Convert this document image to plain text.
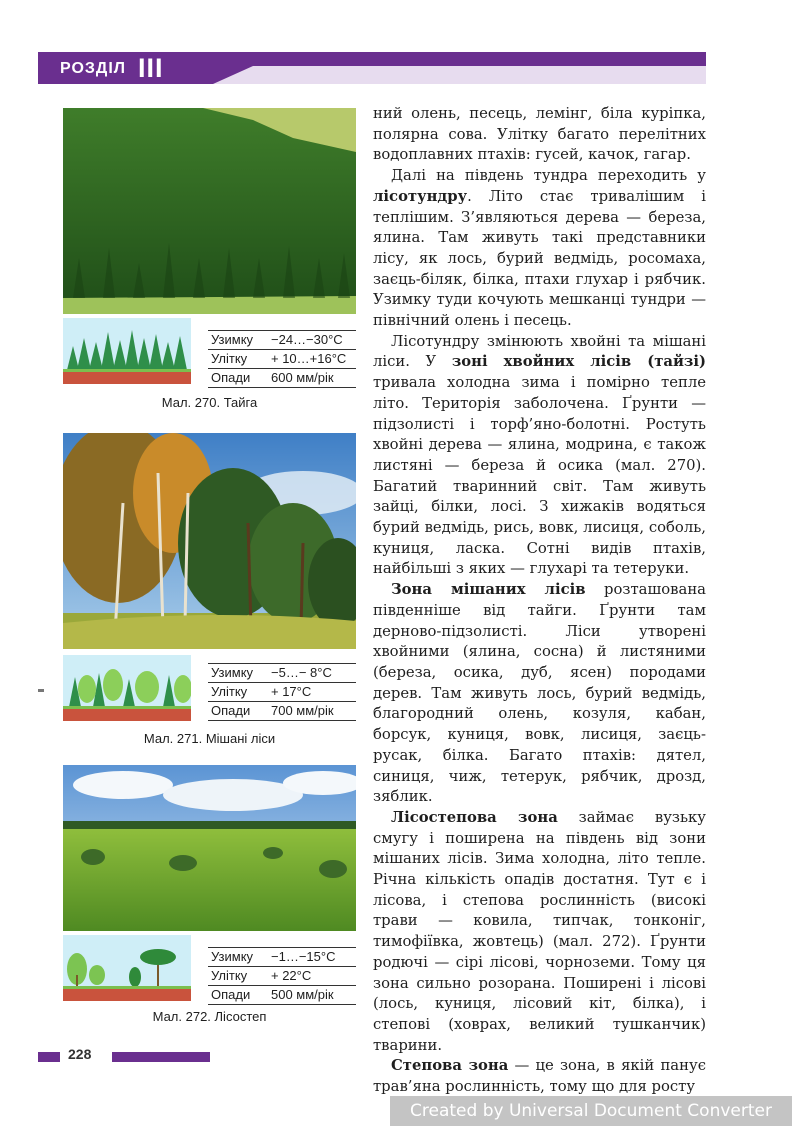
РОЗДІЛ III
Узимку	−24…−30°С
Улітку	+ 10…+16°С
Опади	600 мм/рік
Мал. 270. Тайга
Узимку	−5…− 8°С
Улітку	+ 17°С
Опади	700 мм/рік
Мал. 271. Мішані ліси
Узимку	−1…−15°С
Улітку	+ 22°С
Опади	500 мм/рік
Мал. 272. Лісостеп

ний олень, песець, лемінг, біла куріпка, полярна сова. Улітку багато перелітних водоплавних птахів: гусей, качок, гагар.

Далі на південь тундра переходить у лісотундру. Літо стає тривалішим і теплішим. З’являються дерева — береза, ялина. Там живуть такі представники лісу, як лось, бурий ведмідь, росомаха, заєць-біляк, білка, птахи глухар і рябчик. Узимку туди кочують мешканці тундри — північний олень і песець.

Лісотундру змінюють хвойні та мішані ліси. У зоні хвойних лісів (тайзі) тривала холодна зима і помірно тепле літо. Територія заболочена. Ґрунти — підзолисті і торф’яно-болотні. Ростуть хвойні дерева — ялина, модрина, є також листяні — береза й осика (мал. 270). Багатий тваринний світ. Там живуть зайці, білки, лосі. З хижаків водяться бурий ведмідь, рись, вовк, лисиця, соболь, куниця, ласка. Сотні видів птахів, найбільші з яких — глухарі та тетеруки.

Зона мішаних лісів розташована південніше від тайги. Ґрунти там дерново-підзолисті. Ліси утворені хвойними (ялина, сосна) й листяними (береза, осика, дуб, ясен) породами дерев. Там живуть лось, бурий ведмідь, благородний олень, козуля, кабан, борсук, куниця, вовк, лисиця, заєць-русак, білка. Багато птахів: дятел, синиця, чиж, тетерук, рябчик, дрозд, зяблик.

Лісостепова зона займає вузьку смугу і поширена на південь від зони мішаних лісів. Зима холодна, літо тепле. Річна кількість опадів достатня. Тут є і лісова, і степова рослинність (високі трави — ковила, типчак, тонконіг, тимофіївка, жовтець) (мал. 272). Ґрунти родючі — сірі лісові, чорноземи. Тому ця зона сильно розорана. Поширені і лісові (лось, куниця, лісовий кіт, білка), і степові (ховрах, великий тушканчик) тварини.

Степова зона — це зона, в якій панує трав’яна рослинність, тому що для росту

228
Created by Universal Document Converter
